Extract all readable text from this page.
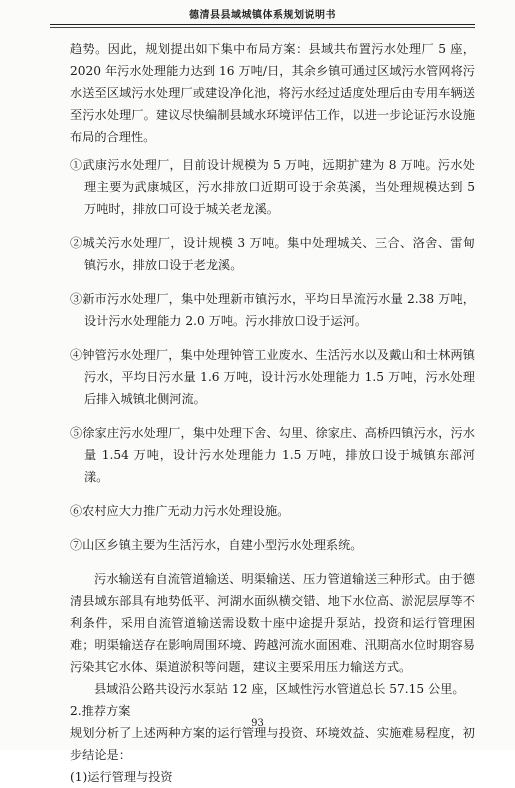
德清县县域城镇体系规划说明书

趋势。因此，规划提出如下集中布局方案：县域共布置污水处理厂 5 座，2020 年污水处理能力达到 16 万吨/日，其余乡镇可通过区域污水管网将污水送至区域污水处理厂或建设净化池，将污水经过适度处理后由专用车辆送至污水处理厂。建议尽快编制县域水环境评估工作，以进一步论证污水设施布局的合理性。

①武康污水处理厂，目前设计规模为 5 万吨，远期扩建为 8 万吨。污水处理主要为武康城区，污水排放口近期可设于余英溪，当处理规模达到 5 万吨时，排放口可设于城关老龙溪。

②城关污水处理厂，设计规模 3 万吨。集中处理城关、三合、洛舍、雷甸镇污水，排放口设于老龙溪。

③新市污水处理厂，集中处理新市镇污水，平均日旱流污水量 2.38 万吨，设计污水处理能力 2.0 万吨。污水排放口设于运河。

④钟管污水处理厂，集中处理钟管工业废水、生活污水以及戴山和士林两镇污水，平均日污水量 1.6 万吨，设计污水处理能力 1.5 万吨，污水处理后排入城镇北侧河流。

⑤徐家庄污水处理厂，集中处理下舍、勾里、徐家庄、高桥四镇污水，污水量 1.54 万吨，设计污水处理能力 1.5 万吨，排放口设于城镇东部河漾。

⑥农村应大力推广无动力污水处理设施。

⑦山区乡镇主要为生活污水，自建小型污水处理系统。

污水输送有自流管道输送、明渠输送、压力管道输送三种形式。由于德清县域东部具有地势低平、河湖水面纵横交错、地下水位高、淤泥层厚等不利条件，采用自流管道输送需设数十座中途提升泵站，投资和运行管理困难；明渠输送存在影响周围环境、跨越河流水面困难、汛期高水位时期容易污染其它水体、渠道淤积等问题，建议主要采用压力输送方式。

县域沿公路共设污水泵站 12 座，区域性污水管道总长 57.15 公里。

2.推荐方案

规划分析了上述两种方案的运行管理与投资、环境效益、实施难易程度，初步结论是：

(1)运行管理与投资

93
